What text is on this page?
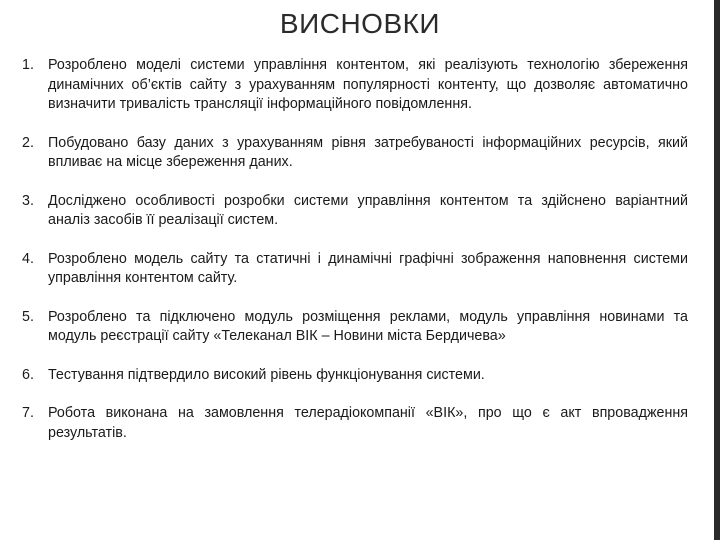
ВИСНОВКИ
1. Розроблено моделі системи управління контентом, які реалізують технологію збереження динамічних об’єктів сайту з урахуванням популярності контенту, що дозволяє автоматично визначити тривалість трансляції інформаційного повідомлення.
2. Побудовано базу даних з урахуванням рівня затребуваності інформаційних ресурсів, який впливає на місце збереження даних.
3. Досліджено особливості розробки системи управління контентом та здійснено варіантний аналіз засобів її реалізації систем.
4. Розроблено модель сайту та статичні і динамічні графічні зображення наповнення системи управління контентом сайту.
5. Розроблено та підключено модуль розміщення реклами, модуль управління новинами та модуль реєстрації сайту «Телеканал ВІК – Новини міста Бердичева»
6. Тестування підтвердило високий рівень функціонування системи.
7. Робота виконана на замовлення телерадіокомпанії «ВІК», про що є акт впровадження результатів.
